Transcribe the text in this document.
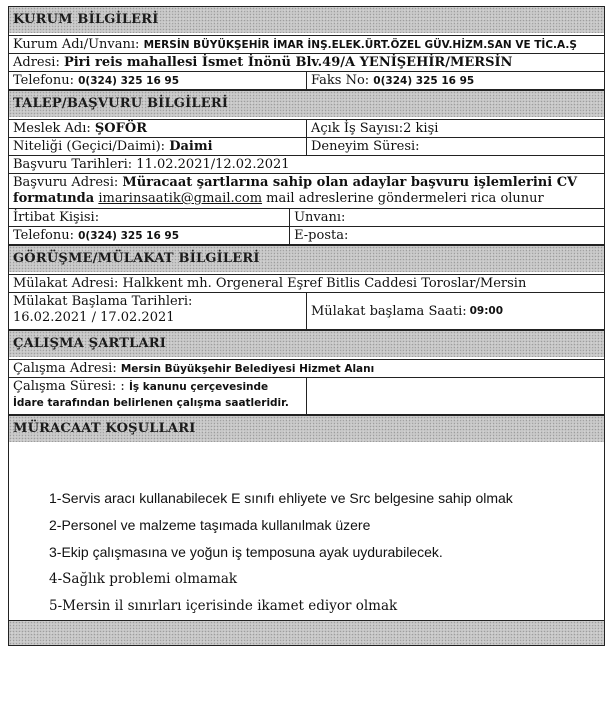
KURUM BİLGİLERİ
Kurum Adı/Unvanı: MERSİN BÜYÜKŞEHİR İMAR İNŞ.ELEK.ÜRT.ÖZEL GÜV.HİZM.SAN VE TİC.A.Ş
Adresi: Piri reis mahallesi İsmet İnönü Blv.49/A YENİŞEHİR/MERSİN
Telefonu: 0(324) 325 16 95	Faks No: 0(324) 325 16 95
TALEP/BAŞVURU BİLGİLERİ
Meslek Adı: ŞOFÖR	Açık İş Sayısı:2 kişi
Niteliği (Geçici/Daimi): Daimi	Deneyim Süresi:
Başvuru Tarihleri: 11.02.2021/12.02.2021
Başvuru Adresi: Müracaat şartlarına sahip olan adaylar başvuru işlemlerini CV formatında imarinsaatik@gmail.com mail adreslerine göndermeleri rica olunur
İrtibat Kişisi:	Unvanı:
Telefonu: 0(324) 325 16 95	E-posta:
GÖRÜŞME/MÜLAKAT BİLGİLERİ
Mülakat Adresi: Halkkent mh. Orgeneral Eşref Bitlis Caddesi Toroslar/Mersin
Mülakat Başlama Tarihleri:
16.02.2021 / 17.02.2021	Mülakat başlama Saati: 09:00
ÇALIŞMA ŞARTLARI
Çalışma Adresi: Mersin Büyükşehir Belediyesi Hizmet Alanı
Çalışma Süresi: : İş kanunu çerçevesinde İdare tarafından belirlenen çalışma saatleridir.
MÜRACAAT KOŞULLARI
1-Servis aracı kullanabilecek E sınıfı ehliyete ve Src belgesine sahip olmak
2-Personel ve malzeme taşımada kullanılmak üzere
3-Ekip çalışmasına ve yoğun iş temposuna ayak uydurabilecek.
4-Sağlık problemi olmamak
5-Mersin il sınırları içerisinde ikamet ediyor olmak
